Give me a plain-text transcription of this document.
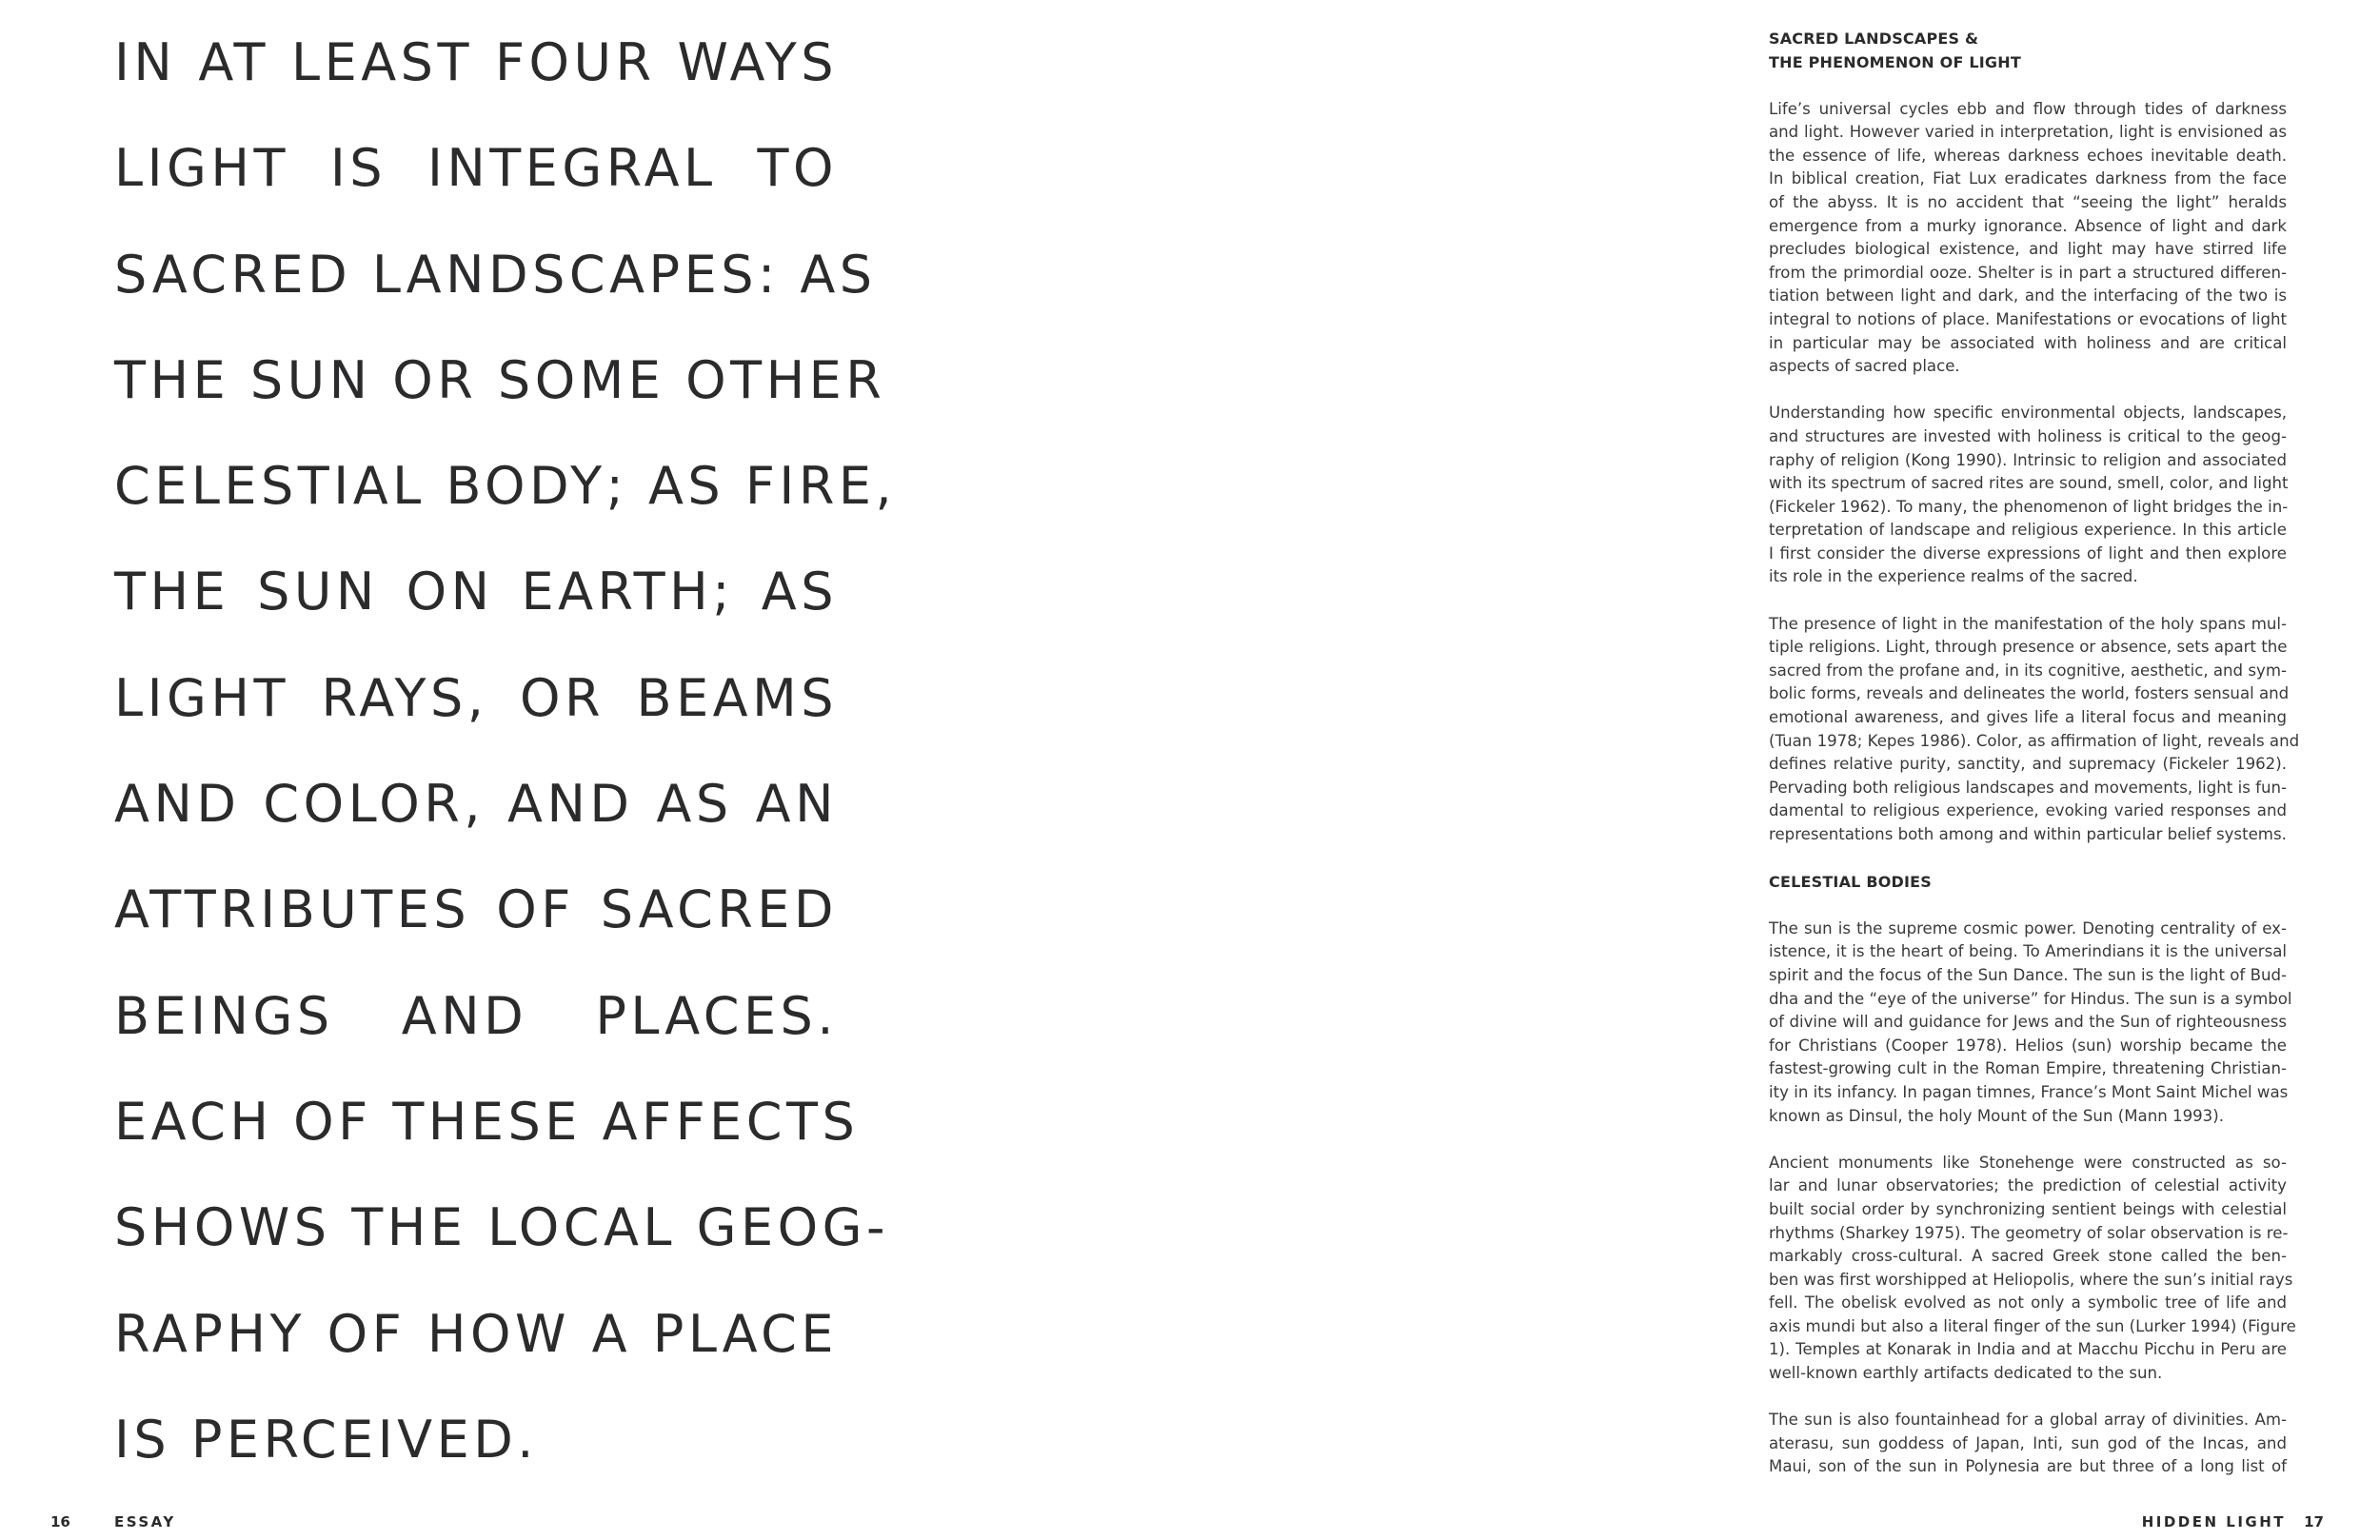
IN AT LEAST FOUR WAYS
LIGHT IS INTEGRAL TO
SACRED LANDSCAPES: AS
THE SUN OR SOME OTHER
CELESTIAL BODY; AS FIRE,
THE SUN ON EARTH; AS
LIGHT RAYS, OR BEAMS
AND COLOR, AND AS AN
ATTRIBUTES OF SACRED
BEINGS AND PLACES.
EACH OF THESE AFFECTS
SHOWS THE LOCAL GEOG-
RAPHY OF HOW A PLACE
IS PERCEIVED.
SACRED LANDSCAPES &
THE PHENOMENON OF LIGHT

Life’s universal cycles ebb and flow through tides of darkness
and light. However varied in interpretation, light is envisioned as
the essence of life, whereas darkness echoes inevitable death.
In biblical creation, Fiat Lux eradicates darkness from the face
of the abyss. It is no accident that “seeing the light” heralds
emergence from a murky ignorance. Absence of light and dark
precludes biological existence, and light may have stirred life
from the primordial ooze. Shelter is in part a structured differen-
tiation between light and dark, and the interfacing of the two is
integral to notions of place. Manifestations or evocations of light
in particular may be associated with holiness and are critical
aspects of sacred place.

Understanding how specific environmental objects, landscapes,
and structures are invested with holiness is critical to the geog-
raphy of religion (Kong 1990). Intrinsic to religion and associated
with its spectrum of sacred rites are sound, smell, color, and light
(Fickeler 1962). To many, the phenomenon of light bridges the in-
terpretation of landscape and religious experience. In this article
I first consider the diverse expressions of light and then explore
its role in the experience realms of the sacred.

The presence of light in the manifestation of the holy spans mul-
tiple religions. Light, through presence or absence, sets apart the
sacred from the profane and, in its cognitive, aesthetic, and sym-
bolic forms, reveals and delineates the world, fosters sensual and
emotional awareness, and gives life a literal focus and meaning
(Tuan 1978; Kepes 1986). Color, as affirmation of light, reveals and
defines relative purity, sanctity, and supremacy (Fickeler 1962).
Pervading both religious landscapes and movements, light is fun-
damental to religious experience, evoking varied responses and
representations both among and within particular belief systems.

CELESTIAL BODIES

The sun is the supreme cosmic power. Denoting centrality of ex-
istence, it is the heart of being. To Amerindians it is the universal
spirit and the focus of the Sun Dance. The sun is the light of Bud-
dha and the “eye of the universe” for Hindus. The sun is a symbol
of divine will and guidance for Jews and the Sun of righteousness
for Christians (Cooper 1978). Helios (sun) worship became the
fastest-growing cult in the Roman Empire, threatening Christian-
ity in its infancy. In pagan timnes, France’s Mont Saint Michel was
known as Dinsul, the holy Mount of the Sun (Mann 1993).

Ancient monuments like Stonehenge were constructed as so-
lar and lunar observatories; the prediction of celestial activity
built social order by synchronizing sentient beings with celestial
rhythms (Sharkey 1975). The geometry of solar observation is re-
markably cross-cultural. A sacred Greek stone called the ben-
ben was first worshipped at Heliopolis, where the sun’s initial rays
fell. The obelisk evolved as not only a symbolic tree of life and
axis mundi but also a literal finger of the sun (Lurker 1994) (Figure
1). Temples at Konarak in India and at Macchu Picchu in Peru are
well-known earthly artifacts dedicated to the sun.

The sun is also fountainhead for a global array of divinities. Am-
aterasu, sun goddess of Japan, Inti, sun god of the Incas, and
Maui, son of the sun in Polynesia are but three of a long list of

16	ESSAY	HIDDEN LIGHT 17
